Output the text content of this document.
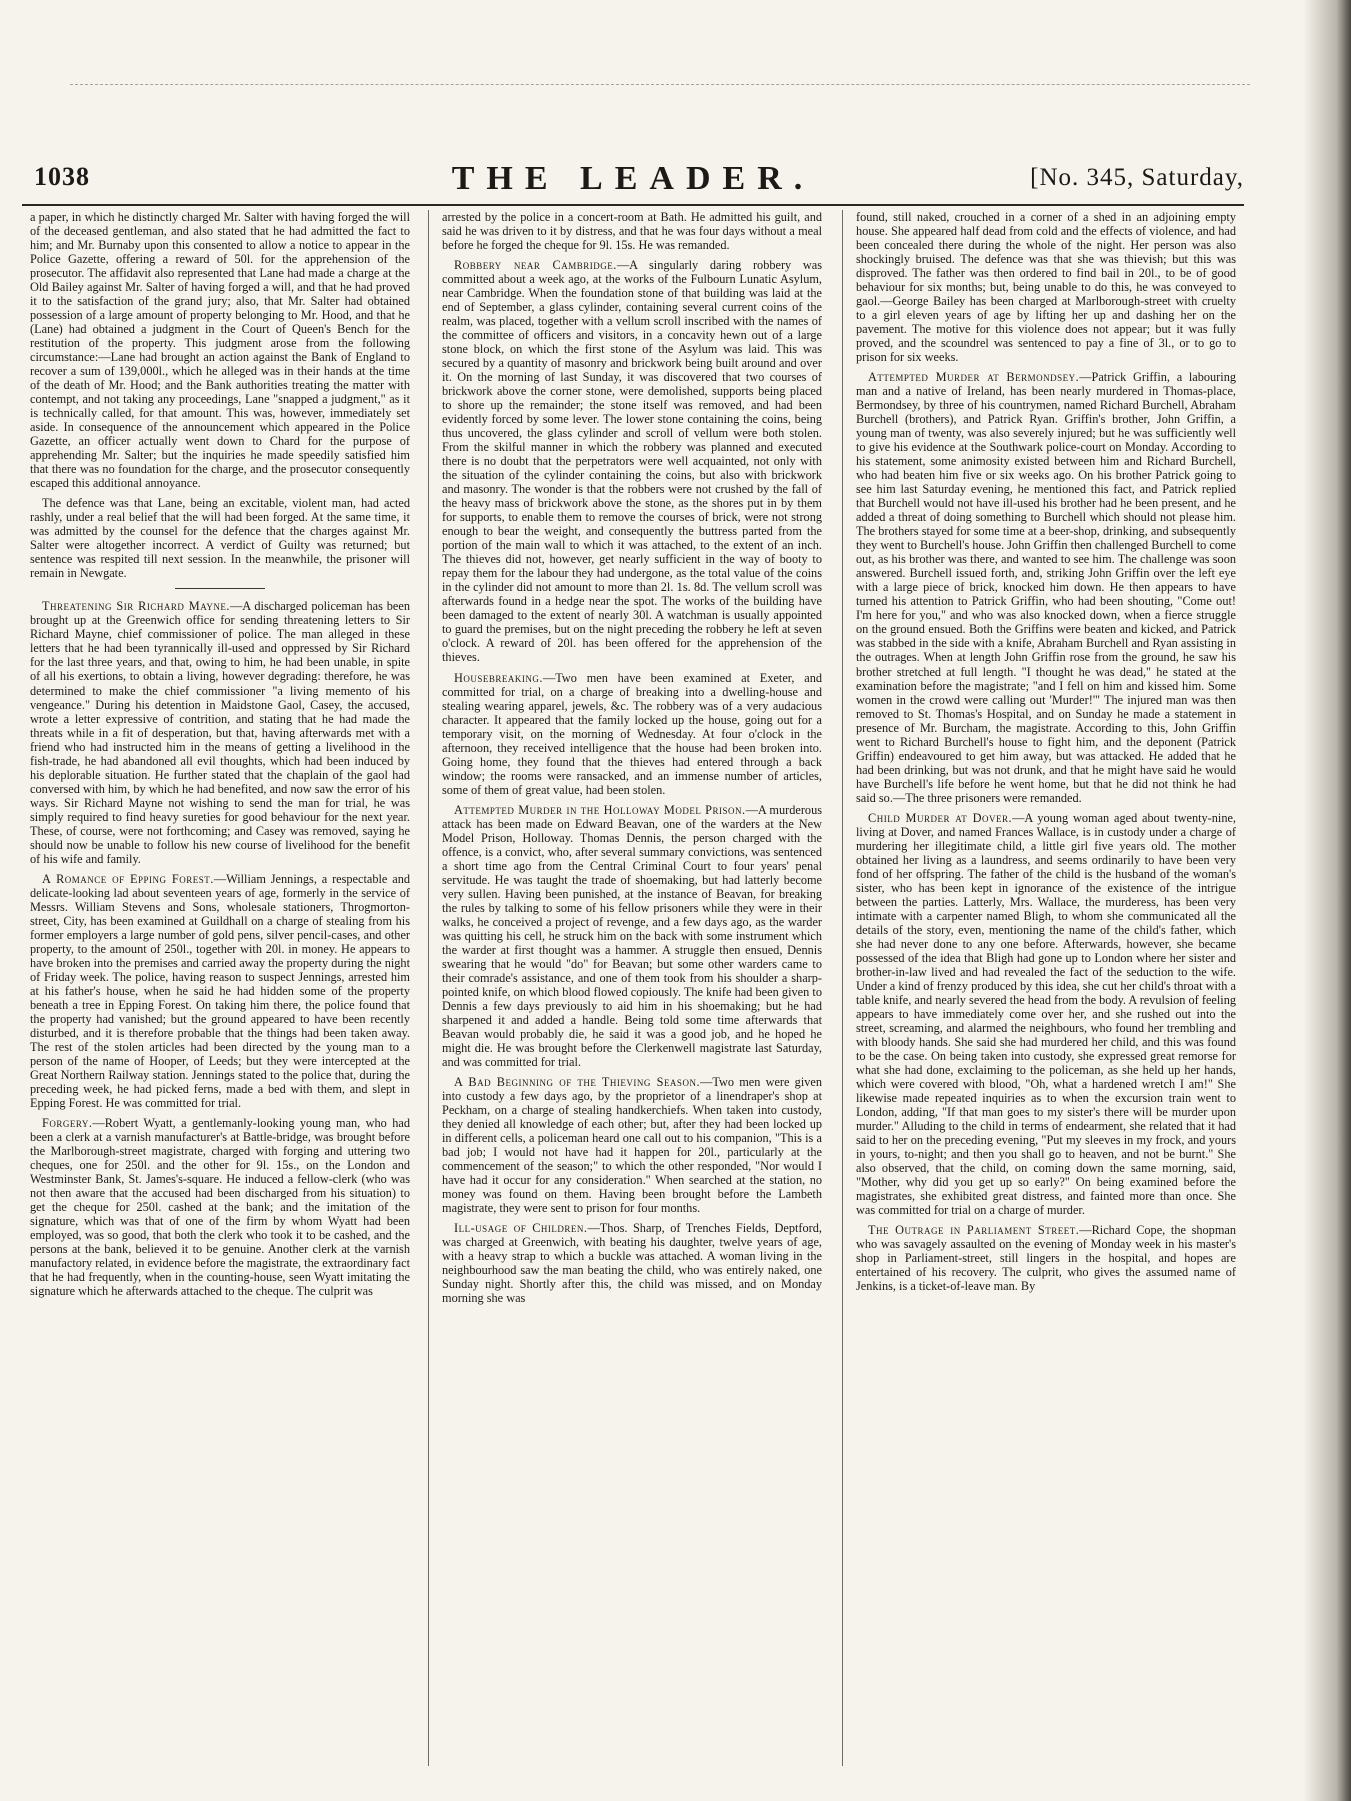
1038	THE LEADER.	[No. 345, Saturday,

a paper, in which he distinctly charged Mr. Salter with having forged the will of the deceased gentleman, and also stated that he had admitted the fact to him; and Mr. Burnaby upon this consented to allow a notice to appear in the Police Gazette, offering a reward of 50l. for the apprehension of the prosecutor. The affidavit also represented that Lane had made a charge at the Old Bailey against Mr. Salter of having forged a will, and that he had proved it to the satisfaction of the grand jury; also, that Mr. Salter had obtained possession of a large amount of property belonging to Mr. Hood, and that he (Lane) had obtained a judgment in the Court of Queen's Bench for the restitution of the property. This judgment arose from the following circumstance:—Lane had brought an action against the Bank of England to recover a sum of 139,000l., which he alleged was in their hands at the time of the death of Mr. Hood; and the Bank authorities treating the matter with contempt, and not taking any proceedings, Lane "snapped a judgment," as it is technically called, for that amount. This was, however, immediately set aside. In consequence of the announcement which appeared in the Police Gazette, an officer actually went down to Chard for the purpose of apprehending Mr. Salter; but the inquiries he made speedily satisfied him that there was no foundation for the charge, and the prosecutor consequently escaped this additional annoyance.

The defence was that Lane, being an excitable, violent man, had acted rashly, under a real belief that the will had been forged. At the same time, it was admitted by the counsel for the defence that the charges against Mr. Salter were altogether incorrect. A verdict of Guilty was returned; but sentence was respited till next session. In the meanwhile, the prisoner will remain in Newgate.

Threatening Sir Richard Mayne.—A discharged policeman has been brought up at the Greenwich office for sending threatening letters to Sir Richard Mayne, chief commissioner of police. The man alleged in these letters that he had been tyrannically ill-used and oppressed by Sir Richard for the last three years, and that, owing to him, he had been unable, in spite of all his exertions, to obtain a living, however degrading: therefore, he was determined to make the chief commissioner "a living memento of his vengeance." During his detention in Maidstone Gaol, Casey, the accused, wrote a letter expressive of contrition, and stating that he had made the threats while in a fit of desperation, but that, having afterwards met with a friend who had instructed him in the means of getting a livelihood in the fish-trade, he had abandoned all evil thoughts, which had been induced by his deplorable situation. He further stated that the chaplain of the gaol had conversed with him, by which he had benefited, and now saw the error of his ways. Sir Richard Mayne not wishing to send the man for trial, he was simply required to find heavy sureties for good behaviour for the next year. These, of course, were not forthcoming; and Casey was removed, saying he should now be unable to follow his new course of livelihood for the benefit of his wife and family.

A Romance of Epping Forest.—William Jennings, a respectable and delicate-looking lad about seventeen years of age, formerly in the service of Messrs. William Stevens and Sons, wholesale stationers, Throgmorton-street, City, has been examined at Guildhall on a charge of stealing from his former employers a large number of gold pens, silver pencil-cases, and other property, to the amount of 250l., together with 20l. in money. He appears to have broken into the premises and carried away the property during the night of Friday week. The police, having reason to suspect Jennings, arrested him at his father's house, when he said he had hidden some of the property beneath a tree in Epping Forest. On taking him there, the police found that the property had vanished; but the ground appeared to have been recently disturbed, and it is therefore probable that the things had been taken away. The rest of the stolen articles had been directed by the young man to a person of the name of Hooper, of Leeds; but they were intercepted at the Great Northern Railway station. Jennings stated to the police that, during the preceding week, he had picked ferns, made a bed with them, and slept in Epping Forest. He was committed for trial.

Forgery.—Robert Wyatt, a gentlemanly-looking young man, who had been a clerk at a varnish manufacturer's at Battle-bridge, was brought before the Marlborough-street magistrate, charged with forging and uttering two cheques, one for 250l. and the other for 9l. 15s., on the London and Westminster Bank, St. James's-square. He induced a fellow-clerk (who was not then aware that the accused had been discharged from his situation) to get the cheque for 250l. cashed at the bank; and the imitation of the signature, which was that of one of the firm by whom Wyatt had been employed, was so good, that both the clerk who took it to be cashed, and the persons at the bank, believed it to be genuine. Another clerk at the varnish manufactory related, in evidence before the magistrate, the extraordinary fact that he had frequently, when in the counting-house, seen Wyatt imitating the signature which he afterwards attached to the cheque. The culprit was

arrested by the police in a concert-room at Bath. He admitted his guilt, and said he was driven to it by distress, and that he was four days without a meal before he forged the cheque for 9l. 15s. He was remanded.

Robbery near Cambridge.—A singularly daring robbery was committed about a week ago, at the works of the Fulbourn Lunatic Asylum, near Cambridge. When the foundation stone of that building was laid at the end of September, a glass cylinder, containing several current coins of the realm, was placed, together with a vellum scroll inscribed with the names of the committee of officers and visitors, in a concavity hewn out of a large stone block, on which the first stone of the Asylum was laid. This was secured by a quantity of masonry and brickwork being built around and over it. On the morning of last Sunday, it was discovered that two courses of brickwork above the corner stone, were demolished, supports being placed to shore up the remainder; the stone itself was removed, and had been evidently forced by some lever. The lower stone containing the coins, being thus uncovered, the glass cylinder and scroll of vellum were both stolen. From the skilful manner in which the robbery was planned and executed there is no doubt that the perpetrators were well acquainted, not only with the situation of the cylinder containing the coins, but also with brickwork and masonry. The wonder is that the robbers were not crushed by the fall of the heavy mass of brickwork above the stone, as the shores put in by them for supports, to enable them to remove the courses of brick, were not strong enough to bear the weight, and consequently the buttress parted from the portion of the main wall to which it was attached, to the extent of an inch. The thieves did not, however, get nearly sufficient in the way of booty to repay them for the labour they had undergone, as the total value of the coins in the cylinder did not amount to more than 2l. 1s. 8d. The vellum scroll was afterwards found in a hedge near the spot. The works of the building have been damaged to the extent of nearly 30l. A watchman is usually appointed to guard the premises, but on the night preceding the robbery he left at seven o'clock. A reward of 20l. has been offered for the apprehension of the thieves.

Housebreaking.—Two men have been examined at Exeter, and committed for trial, on a charge of breaking into a dwelling-house and stealing wearing apparel, jewels, &c. The robbery was of a very audacious character. It appeared that the family locked up the house, going out for a temporary visit, on the morning of Wednesday. At four o'clock in the afternoon, they received intelligence that the house had been broken into. Going home, they found that the thieves had entered through a back window; the rooms were ransacked, and an immense number of articles, some of them of great value, had been stolen.

Attempted Murder in the Holloway Model Prison.—A murderous attack has been made on Edward Beavan, one of the warders at the New Model Prison, Holloway. Thomas Dennis, the person charged with the offence, is a convict, who, after several summary convictions, was sentenced a short time ago from the Central Criminal Court to four years' penal servitude. He was taught the trade of shoemaking, but had latterly become very sullen. Having been punished, at the instance of Beavan, for breaking the rules by talking to some of his fellow prisoners while they were in their walks, he conceived a project of revenge, and a few days ago, as the warder was quitting his cell, he struck him on the back with some instrument which the warder at first thought was a hammer. A struggle then ensued, Dennis swearing that he would "do" for Beavan; but some other warders came to their comrade's assistance, and one of them took from his shoulder a sharp-pointed knife, on which blood flowed copiously. The knife had been given to Dennis a few days previously to aid him in his shoemaking; but he had sharpened it and added a handle. Being told some time afterwards that Beavan would probably die, he said it was a good job, and he hoped he might die. He was brought before the Clerkenwell magistrate last Saturday, and was committed for trial.

A Bad Beginning of the Thieving Season.—Two men were given into custody a few days ago, by the proprietor of a linendraper's shop at Peckham, on a charge of stealing handkerchiefs. When taken into custody, they denied all knowledge of each other; but, after they had been locked up in different cells, a policeman heard one call out to his companion, "This is a bad job; I would not have had it happen for 20l., particularly at the commencement of the season;" to which the other responded, "Nor would I have had it occur for any consideration." When searched at the station, no money was found on them. Having been brought before the Lambeth magistrate, they were sent to prison for four months.

Ill-usage of Children.—Thos. Sharp, of Trenches Fields, Deptford, was charged at Greenwich, with beating his daughter, twelve years of age, with a heavy strap to which a buckle was attached. A woman living in the neighbourhood saw the man beating the child, who was entirely naked, one Sunday night. Shortly after this, the child was missed, and on Monday morning she was

found, still naked, crouched in a corner of a shed in an adjoining empty house. She appeared half dead from cold and the effects of violence, and had been concealed there during the whole of the night. Her person was also shockingly bruised. The defence was that she was thievish; but this was disproved. The father was then ordered to find bail in 20l., to be of good behaviour for six months; but, being unable to do this, he was conveyed to gaol.—George Bailey has been charged at Marlborough-street with cruelty to a girl eleven years of age by lifting her up and dashing her on the pavement. The motive for this violence does not appear; but it was fully proved, and the scoundrel was sentenced to pay a fine of 3l., or to go to prison for six weeks.

Attempted Murder at Bermondsey.—Patrick Griffin, a labouring man and a native of Ireland, has been nearly murdered in Thomas-place, Bermondsey, by three of his countrymen, named Richard Burchell, Abraham Burchell (brothers), and Patrick Ryan. Griffin's brother, John Griffin, a young man of twenty, was also severely injured; but he was sufficiently well to give his evidence at the Southwark police-court on Monday. According to his statement, some animosity existed between him and Richard Burchell, who had beaten him five or six weeks ago. On his brother Patrick going to see him last Saturday evening, he mentioned this fact, and Patrick replied that Burchell would not have ill-used his brother had he been present, and he added a threat of doing something to Burchell which should not please him. The brothers stayed for some time at a beer-shop, drinking, and subsequently they went to Burchell's house. John Griffin then challenged Burchell to come out, as his brother was there, and wanted to see him. The challenge was soon answered. Burchell issued forth, and, striking John Griffin over the left eye with a large piece of brick, knocked him down. He then appears to have turned his attention to Patrick Griffin, who had been shouting, "Come out! I'm here for you," and who was also knocked down, when a fierce struggle on the ground ensued. Both the Griffins were beaten and kicked, and Patrick was stabbed in the side with a knife, Abraham Burchell and Ryan assisting in the outrages. When at length John Griffin rose from the ground, he saw his brother stretched at full length. "I thought he was dead," he stated at the examination before the magistrate; "and I fell on him and kissed him. Some women in the crowd were calling out 'Murder!'" The injured man was then removed to St. Thomas's Hospital, and on Sunday he made a statement in presence of Mr. Burcham, the magistrate. According to this, John Griffin went to Richard Burchell's house to fight him, and the deponent (Patrick Griffin) endeavoured to get him away, but was attacked. He added that he had been drinking, but was not drunk, and that he might have said he would have Burchell's life before he went home, but that he did not think he had said so.—The three prisoners were remanded.

Child Murder at Dover.—A young woman aged about twenty-nine, living at Dover, and named Frances Wallace, is in custody under a charge of murdering her illegitimate child, a little girl five years old. The mother obtained her living as a laundress, and seems ordinarily to have been very fond of her offspring. The father of the child is the husband of the woman's sister, who has been kept in ignorance of the existence of the intrigue between the parties. Latterly, Mrs. Wallace, the murderess, has been very intimate with a carpenter named Bligh, to whom she communicated all the details of the story, even, mentioning the name of the child's father, which she had never done to any one before. Afterwards, however, she became possessed of the idea that Bligh had gone up to London where her sister and brother-in-law lived and had revealed the fact of the seduction to the wife. Under a kind of frenzy produced by this idea, she cut her child's throat with a table knife, and nearly severed the head from the body. A revulsion of feeling appears to have immediately come over her, and she rushed out into the street, screaming, and alarmed the neighbours, who found her trembling and with bloody hands. She said she had murdered her child, and this was found to be the case. On being taken into custody, she expressed great remorse for what she had done, exclaiming to the policeman, as she held up her hands, which were covered with blood, "Oh, what a hardened wretch I am!" She likewise made repeated inquiries as to when the excursion train went to London, adding, "If that man goes to my sister's there will be murder upon murder." Alluding to the child in terms of endearment, she related that it had said to her on the preceding evening, "Put my sleeves in my frock, and yours in yours, to-night; and then you shall go to heaven, and not be burnt." She also observed, that the child, on coming down the same morning, said, "Mother, why did you get up so early?" On being examined before the magistrates, she exhibited great distress, and fainted more than once. She was committed for trial on a charge of murder.

The Outrage in Parliament Street.—Richard Cope, the shopman who was savagely assaulted on the evening of Monday week in his master's shop in Parliament-street, still lingers in the hospital, and hopes are entertained of his recovery. The culprit, who gives the assumed name of Jenkins, is a ticket-of-leave man. By
